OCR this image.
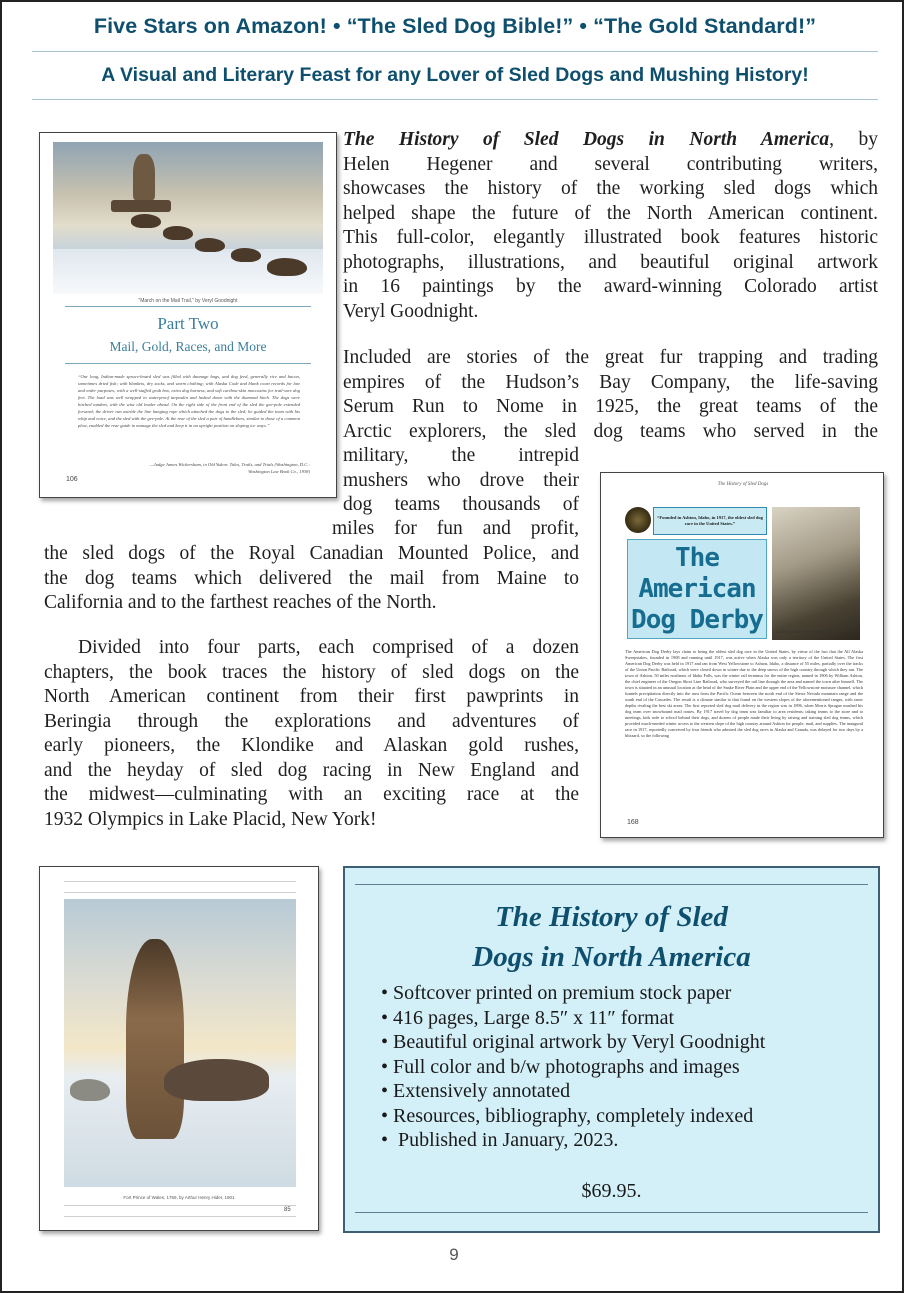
Five Stars on Amazon! • “The Sled Dog Bible!” • “The Gold Standard!”
A Visual and Literary Feast for any Lover of Sled Dogs and Mushing History!
“March on the Mail Trail,” by Veryl Goodnight
Part Two
Mail, Gold, Races, and More
“Our long, Indian-made spruce-board sled was filled with dunnage bags, and dog feed, generally rice and bacon, sometimes dried fish; with blankets, dry socks, and warm clothing; with Alaska Code and blank court records for law and order purposes; with a well-stuffed grub box, extra dog harness, and soft caribou-skin moccasins for trail-sore dog feet. The load was well wrapped in waterproof tarpaulin and lashed down with the diamond hitch. The dogs were hitched tandem, with the wise old leader ahead. On the right side of the front end of the sled the gee-pole extended forward; the driver ran astride the line hanging rope which attached the dogs to the sled; he guided the team with his whip and voice, and the sled with the gee-pole. At the rear of the sled a pair of handlebars, similar to those of a common plow, enabled the rear guide to manage the sled and keep it in an upright position on sloping ice ways.”
—Judge James Wickersham, in Old Yukon: Tales, Trails, and Trials (Washington, D.C.: Washington Law Book Co., 1938)
106
The History of Sled Dogs in North America, by
Helen Hegener and several contributing writers,
showcases the history of the working sled dogs which
helped shape the future of the North American continent.
This full-color, elegantly illustrated book features historic
photographs, illustrations, and beautiful original artwork
in 16 paintings by the award-winning Colorado artist
Veryl Goodnight.
Included are stories of the great fur trapping and trading
empires of the Hudson’s Bay Company, the life-saving
Serum Run to Nome in 1925, the great teams of the
Arctic explorers, the sled dog teams who served in the
military, the intrepid
mushers who drove their
dog teams thousands of
miles for fun and profit,
the sled dogs of the Royal Canadian Mounted Police, and
the dog teams which delivered the mail from Maine to
California and to the farthest reaches of the North.
Divided into four parts, each comprised of a dozen
chapters, the book traces the history of sled dogs on the
North American continent from their first pawprints in
Beringia through the explorations and adventures of
early pioneers, the Klondike and Alaskan gold rushes,
and the heyday of sled dog racing in New England and
the midwest—culminating with an exciting race at the
1932 Olympics in Lake Placid, New York!
The History of Sled Dogs
“Founded in Ashton, Idaho, in 1917, the oldest sled dog race in the United States.”
The
American
Dog Derby	Tud Kent, six-time race champion, 1926
The American Dog Derby lays claim to being the oldest sled dog race in the United States, by virtue of the fact that the All Alaska Sweepstakes, founded in 1908 and running until 1917, was active when Alaska was only a territory of the United States. The first American Dog Derby was held in 1917 and ran from West Yellowstone to Ashton, Idaho, a distance of 55 miles, partially over the tracks of the Union Pacific Railroad, which were closed down in winter due to the deep snows of the high country through which they ran. The town of Ashton, 50 miles northeast of Idaho Falls, was the winter rail terminus for the entire region, named in 1906 by William Ashton, the chief engineer of the Oregon Short Line Railroad, who surveyed the rail line through the area and named the town after himself. The town is situated in an unusual location at the head of the Snake River Plain and the upper end of the Yellowstone moisture channel, which funnels precipitation directly into the area from the Pacific Ocean between the north end of the Sierra Nevada mountain range and the south end of the Cascades. The result is a climate similar to that found on the western slopes of the aforementioned ranges, with snow depths rivaling the best ski areas. The first reported sled dog mail delivery in the region was in 1896, when Morris Sprague mushed his dog team over snowbound mail routes. By 1917 travel by dog team was familiar to area residents; taking teams to the store and to meetings, kids rode to school behind their dogs, and dozens of people made their living by raising and training sled dog teams, which provided much-needed winter access to the western slope of the high country around Ashton for people, mail, and supplies. The inaugural race in 1917, reportedly conceived by four friends who admired the sled dog races in Alaska and Canada, was delayed for two days by a blizzard, so the following
168
Fort Prince of Wales, 1759, by Arthur Henry Hider, 1901
85
The History of Sled
Dogs in North America
• Softcover printed on premium stock paper
• 416 pages, Large 8.5″ x 11″ format
• Beautiful original artwork by Veryl Goodnight
• Full color and b/w photographs and images
• Extensively annotated
• Resources, bibliography, completely indexed
•  Published in January, 2023.
$69.95.
9
